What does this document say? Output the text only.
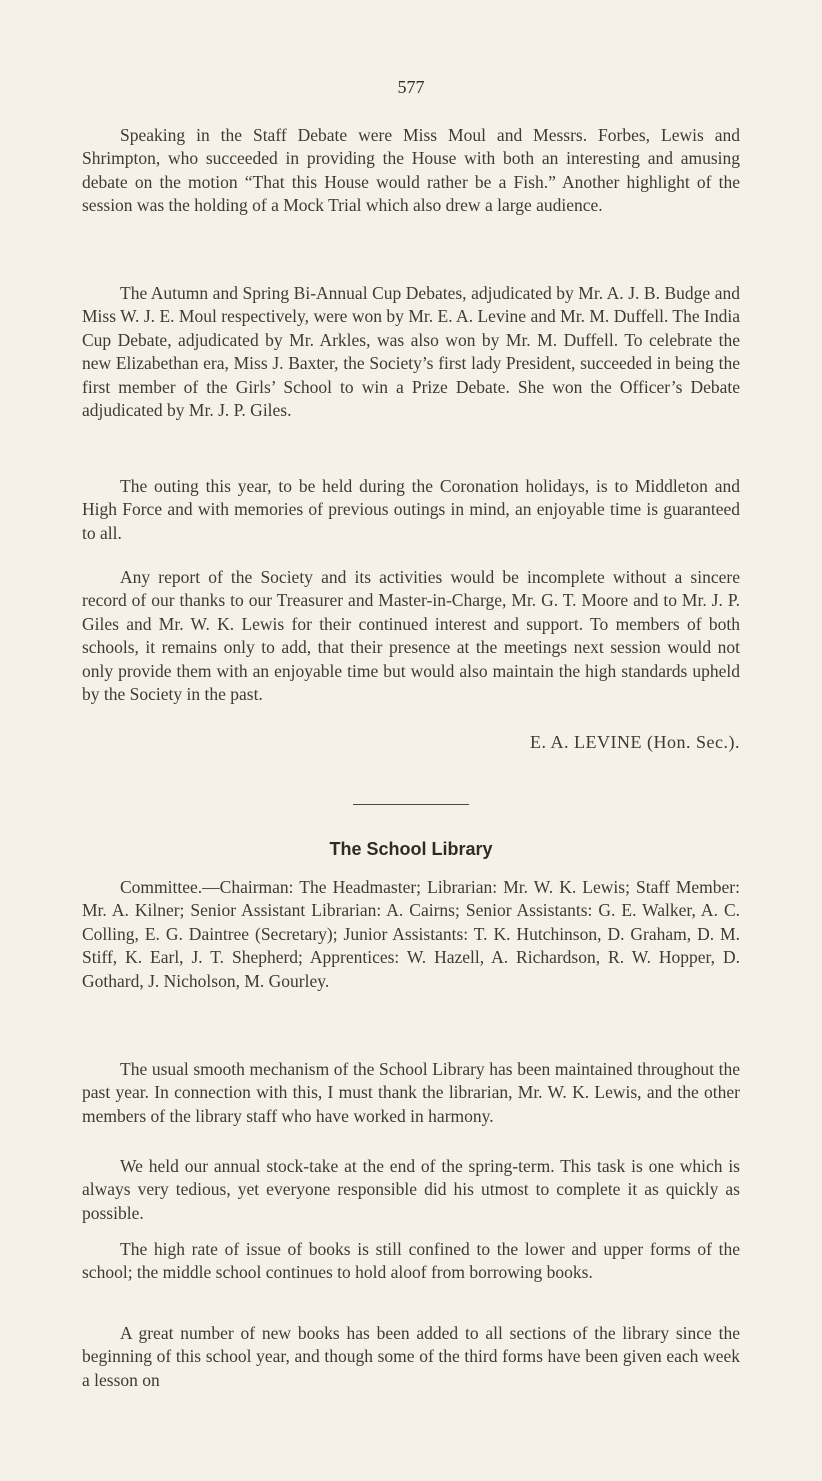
577

Speaking in the Staff Debate were Miss Moul and Messrs. Forbes, Lewis and Shrimpton, who succeeded in providing the House with both an interesting and amusing debate on the motion “That this House would rather be a Fish.” Another highlight of the session was the holding of a Mock Trial which also drew a large audience.

The Autumn and Spring Bi-Annual Cup Debates, adjudicated by Mr. A. J. B. Budge and Miss W. J. E. Moul respectively, were won by Mr. E. A. Levine and Mr. M. Duffell. The India Cup Debate, adjudicated by Mr. Arkles, was also won by Mr. M. Duffell. To celebrate the new Elizabethan era, Miss J. Baxter, the Society’s first lady President, succeeded in being the first member of the Girls’ School to win a Prize Debate. She won the Officer’s Debate adjudicated by Mr. J. P. Giles.

The outing this year, to be held during the Coronation holidays, is to Middleton and High Force and with memories of previous outings in mind, an enjoyable time is guaranteed to all.

Any report of the Society and its activities would be incomplete without a sincere record of our thanks to our Treasurer and Master-in-Charge, Mr. G. T. Moore and to Mr. J. P. Giles and Mr. W. K. Lewis for their continued interest and support. To members of both schools, it remains only to add, that their presence at the meetings next session would not only provide them with an enjoyable time but would also maintain the high standards upheld by the Society in the past.

E. A. LEVINE (Hon. Sec.).
The School Library

Committee.—Chairman: The Headmaster; Librarian: Mr. W. K. Lewis; Staff Member: Mr. A. Kilner; Senior Assistant Librarian: A. Cairns; Senior Assistants: G. E. Walker, A. C. Colling, E. G. Daintree (Secretary); Junior Assistants: T. K. Hutchinson, D. Graham, D. M. Stiff, K. Earl, J. T. Shepherd; Apprentices: W. Hazell, A. Richardson, R. W. Hopper, D. Gothard, J. Nicholson, M. Gourley.

The usual smooth mechanism of the School Library has been maintained throughout the past year. In connection with this, I must thank the librarian, Mr. W. K. Lewis, and the other members of the library staff who have worked in harmony.

We held our annual stock-take at the end of the spring-term. This task is one which is always very tedious, yet everyone responsible did his utmost to complete it as quickly as possible.

The high rate of issue of books is still confined to the lower and upper forms of the school; the middle school continues to hold aloof from borrowing books.

A great number of new books has been added to all sections of the library since the beginning of this school year, and though some of the third forms have been given each week a lesson on
